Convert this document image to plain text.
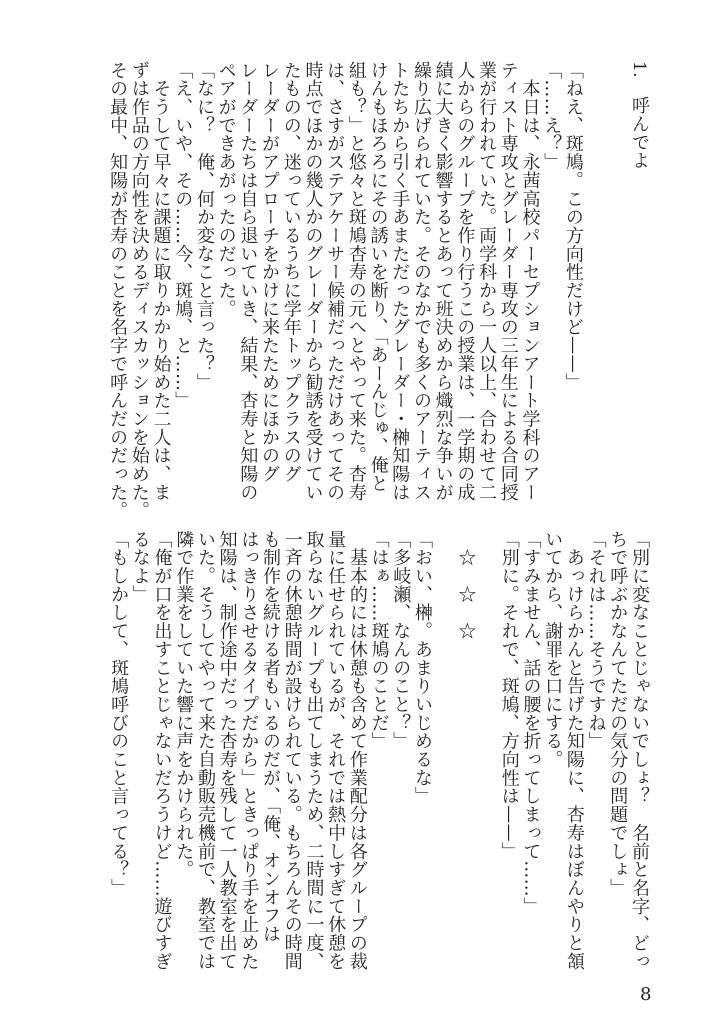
1.　呼んでよ

「ねえ、斑鳩。この方向性だけど——」
「……え？」
　本日は、永茜高校パーセプションアート学科のアー
ティスト専攻とグレーダー専攻の三年生による合同授
業が行われていた。両学科から一人以上、合わせて二
人からのグループを作り行うこの授業は、一学期の成
績に大きく影響するとあって班決めから熾烈な争いが
繰り広げられていた。そのなかでも多くのアーティス
トたちから引く手あまただったグレーダー・榊知陽は
けんもほろろにその誘いを断り、「あーんじゅ、俺と
組も？」と悠々と斑鳩杏寿の元へとやって来た。杏寿
は、さすがステアケーサー候補だっただけあってその
時点でほかの幾人かのグレーダーから勧誘を受けてい
たものの、迷っているうちに学年トップクラスのグ
レーダーがアプローチをかけに来たためにほかのグ
レーダーたちは自ら退いていき、結果、杏寿と知陽の
ペアができあがったのだった。
「なに？　俺、何か変なこと言った？」
「え、いや、その……今、斑鳩、と……」
　そうして早々に課題に取りかかり始めた二人は、ま
ずは作品の方向性を決めるディスカッションを始めた。
その最中、知陽が杏寿のことを名字で呼んだのだった。
「別に変なことじゃないでしょ？　名前と名字、どっ
ちで呼ぶかなんてただの気分の問題でしょ」
「それは……そうですね」
　あっけらかんと告げた知陽に、杏寿はぼんやりと頷
いてから、謝罪を口にする。
「すみません、話の腰を折ってしまって……」
「別に。それで、斑鳩、方向性は——」

　☆　☆　☆

「おい、榊。あまりいじめるな」
「多岐瀬、なんのこと？」
「はぁ……斑鳩のことだ」
　基本的には休憩も含めて作業配分は各グループの裁
量に任せられているが、それでは熱中しすぎて休憩を
取らないグループも出てしまうため、二時間に一度、
一斉の休憩時間が設けられている。もちろんその時間
も制作を続ける者もいるのだが、「俺、オンオフは
はっきりさせるタイプだから」ときっぱり手を止めた
知陽は、制作途中だった杏寿を残して一人教室を出て
いた。そうしてやって来た自動販売機前で、教室では
隣で作業をしていた響に声をかけられた。
「俺が口を出すことじゃないだろうけど……遊びすぎ
るなよ」
「もしかして、斑鳩呼びのこと言ってる？」
8
